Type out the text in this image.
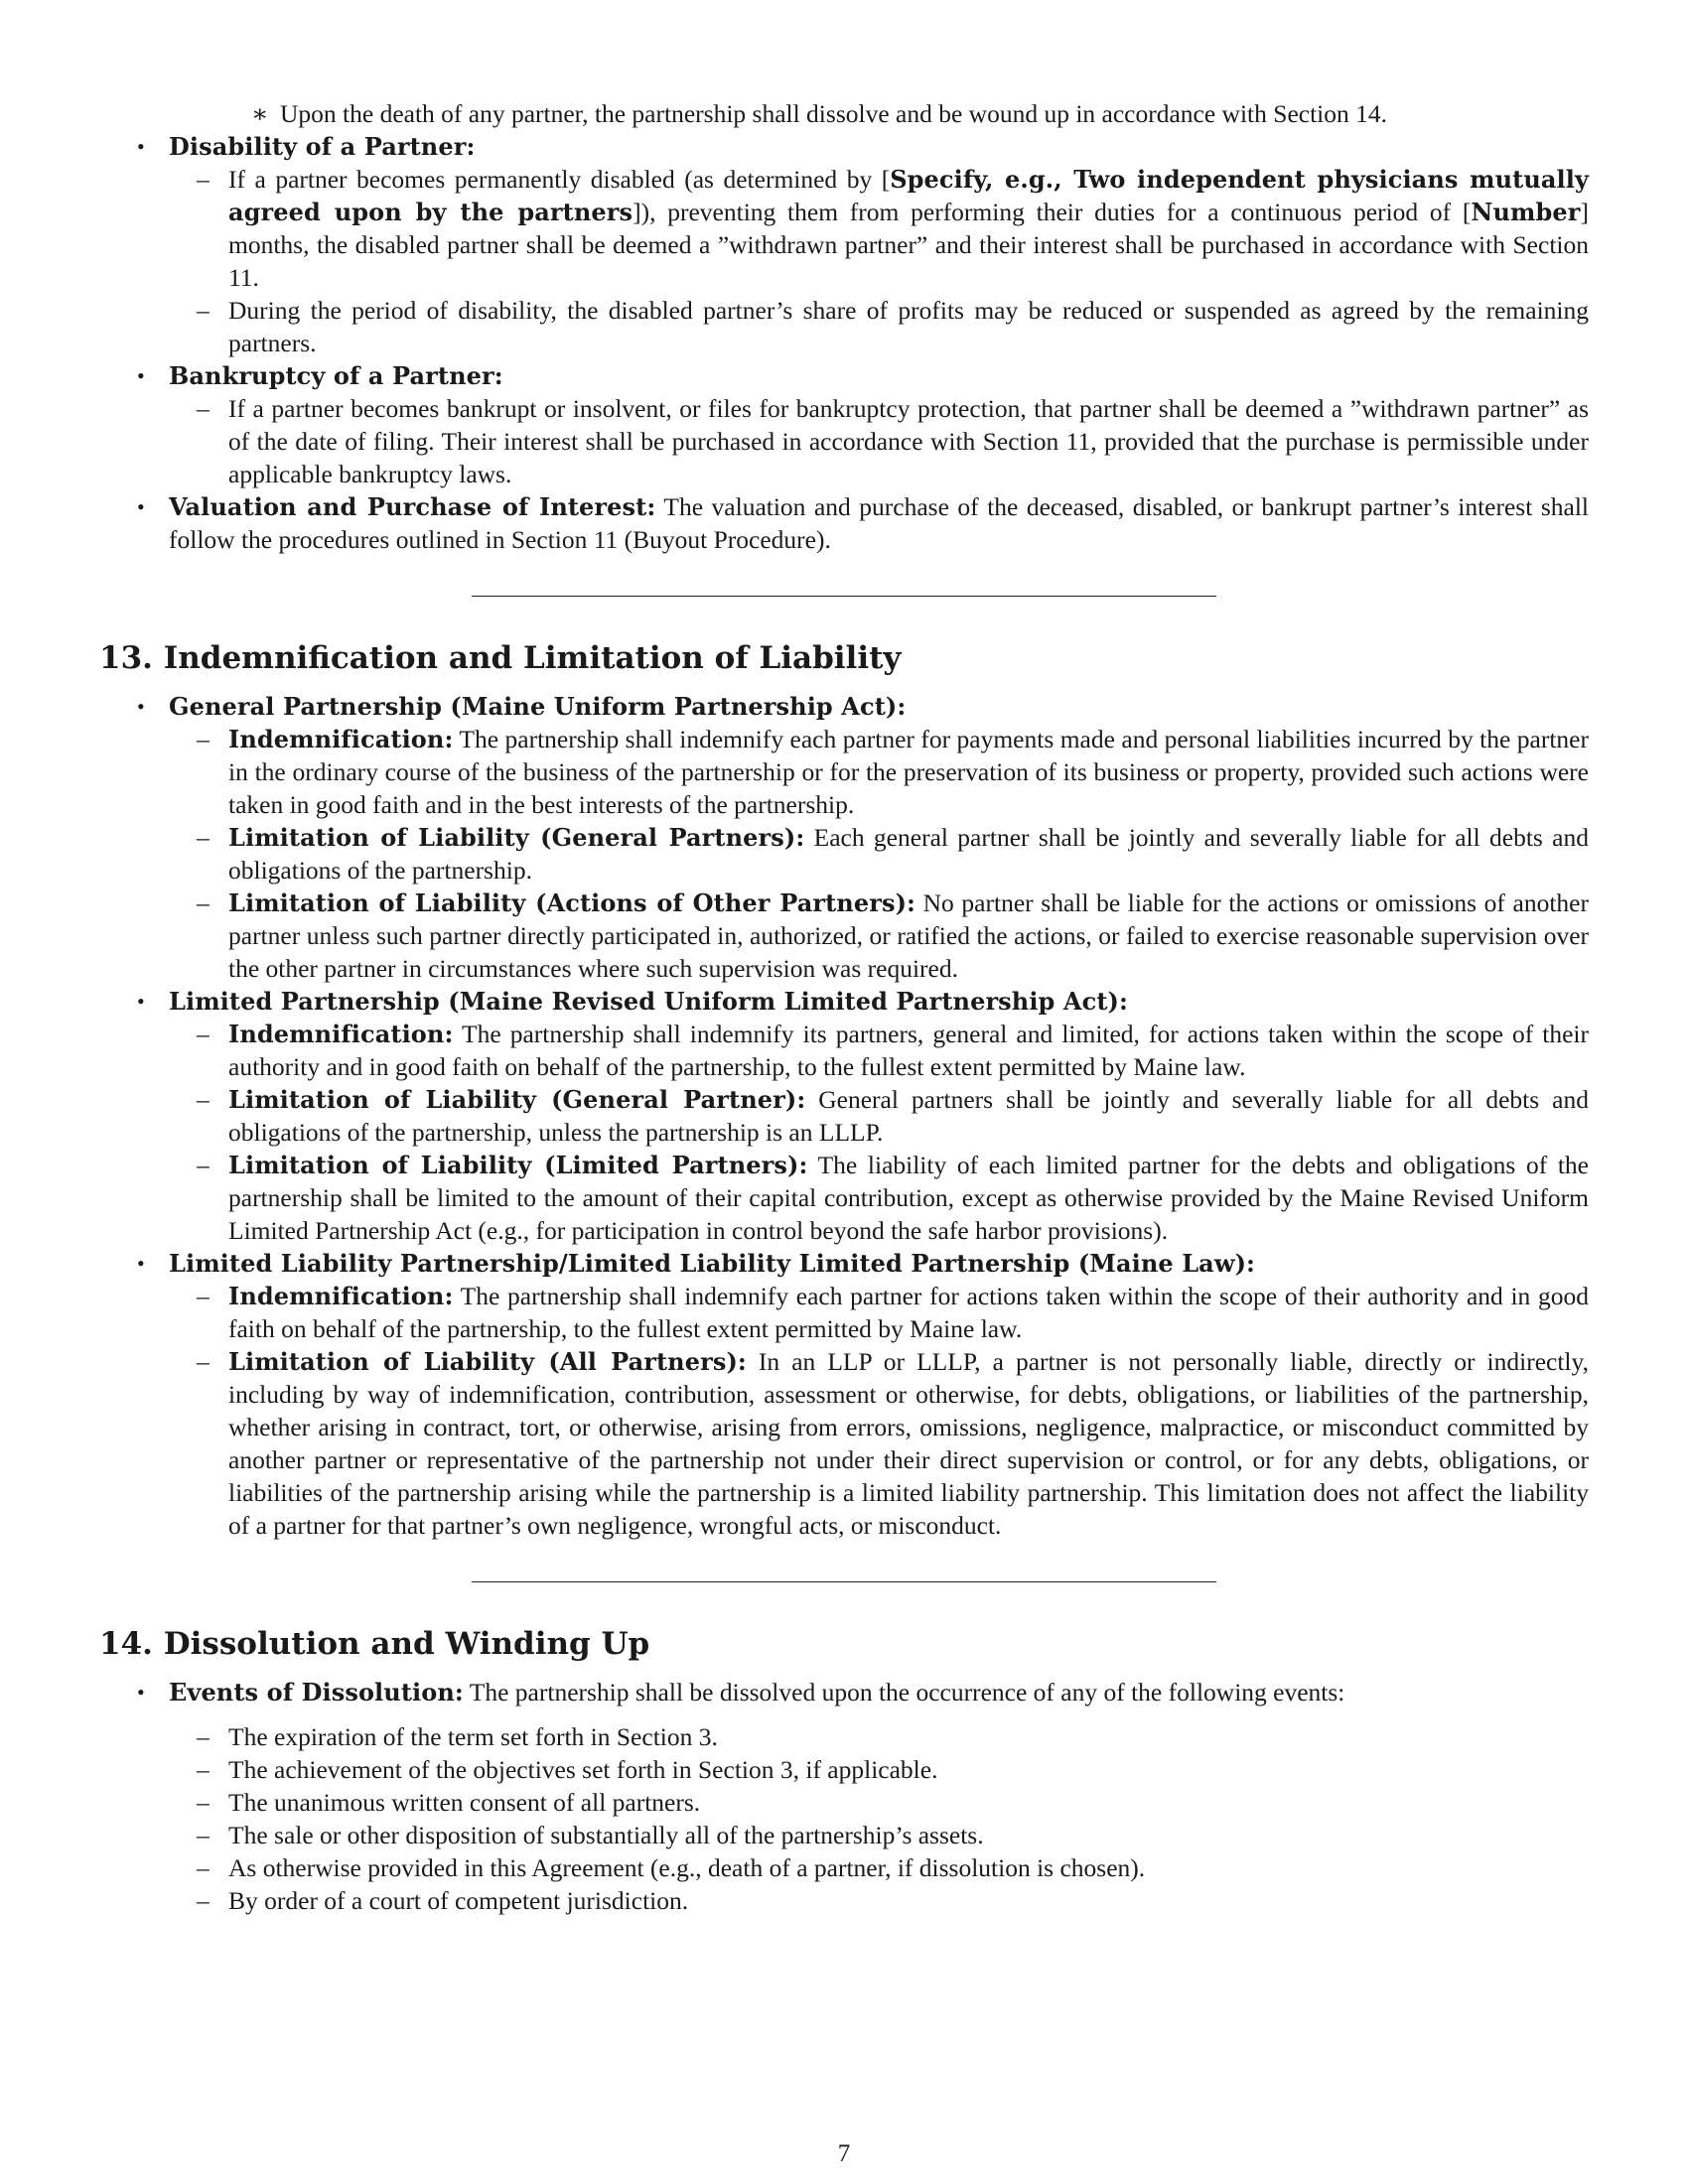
∗ Upon the death of any partner, the partnership shall dissolve and be wound up in accordance with Section 14.
• Disability of a Partner:
– If a partner becomes permanently disabled (as determined by [Specify, e.g., Two independent physicians mutually agreed upon by the partners]), preventing them from performing their duties for a continuous period of [Number] months, the disabled partner shall be deemed a ”withdrawn partner” and their interest shall be purchased in accordance with Section 11.
– During the period of disability, the disabled partner’s share of profits may be reduced or suspended as agreed by the remaining partners.
• Bankruptcy of a Partner:
– If a partner becomes bankrupt or insolvent, or files for bankruptcy protection, that partner shall be deemed a ”withdrawn partner” as of the date of filing. Their interest shall be purchased in accordance with Section 11, provided that the purchase is permissible under applicable bankruptcy laws.
• Valuation and Purchase of Interest: The valuation and purchase of the deceased, disabled, or bankrupt partner’s interest shall follow the procedures outlined in Section 11 (Buyout Procedure).
13. Indemnification and Limitation of Liability
• General Partnership (Maine Uniform Partnership Act):
– Indemnification: The partnership shall indemnify each partner for payments made and personal liabilities incurred by the partner in the ordinary course of the business of the partnership or for the preservation of its business or property, provided such actions were taken in good faith and in the best interests of the partnership.
– Limitation of Liability (General Partners): Each general partner shall be jointly and severally liable for all debts and obligations of the partnership.
– Limitation of Liability (Actions of Other Partners): No partner shall be liable for the actions or omissions of another partner unless such partner directly participated in, authorized, or ratified the actions, or failed to exercise reasonable supervision over the other partner in circumstances where such supervision was required.
• Limited Partnership (Maine Revised Uniform Limited Partnership Act):
– Indemnification: The partnership shall indemnify its partners, general and limited, for actions taken within the scope of their authority and in good faith on behalf of the partnership, to the fullest extent permitted by Maine law.
– Limitation of Liability (General Partner): General partners shall be jointly and severally liable for all debts and obligations of the partnership, unless the partnership is an LLLP.
– Limitation of Liability (Limited Partners): The liability of each limited partner for the debts and obligations of the partnership shall be limited to the amount of their capital contribution, except as otherwise provided by the Maine Revised Uniform Limited Partnership Act (e.g., for participation in control beyond the safe harbor provisions).
• Limited Liability Partnership/Limited Liability Limited Partnership (Maine Law):
– Indemnification: The partnership shall indemnify each partner for actions taken within the scope of their authority and in good faith on behalf of the partnership, to the fullest extent permitted by Maine law.
– Limitation of Liability (All Partners): In an LLP or LLLP, a partner is not personally liable, directly or indirectly, including by way of indemnification, contribution, assessment or otherwise, for debts, obligations, or liabilities of the partnership, whether arising in contract, tort, or otherwise, arising from errors, omissions, negligence, malpractice, or misconduct committed by another partner or representative of the partnership not under their direct supervision or control, or for any debts, obligations, or liabilities of the partnership arising while the partnership is a limited liability partnership. This limitation does not affect the liability of a partner for that partner’s own negligence, wrongful acts, or misconduct.
14. Dissolution and Winding Up
• Events of Dissolution: The partnership shall be dissolved upon the occurrence of any of the following events:
– The expiration of the term set forth in Section 3.
– The achievement of the objectives set forth in Section 3, if applicable.
– The unanimous written consent of all partners.
– The sale or other disposition of substantially all of the partnership’s assets.
– As otherwise provided in this Agreement (e.g., death of a partner, if dissolution is chosen).
– By order of a court of competent jurisdiction.
7
